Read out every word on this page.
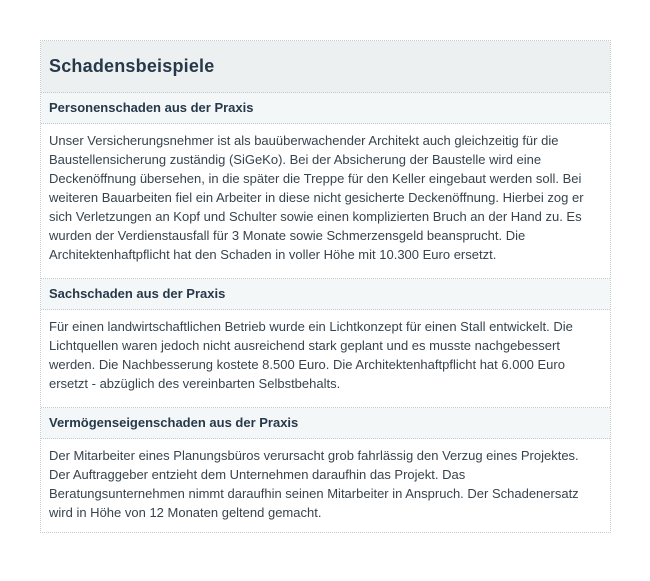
Schadensbeispiele
Personenschaden aus der Praxis
Unser Versicherungsnehmer ist als bauüberwachender Architekt auch gleichzeitig für die Baustellensicherung zuständig (SiGeKo). Bei der Absicherung der Baustelle wird eine Deckenöffnung übersehen, in die später die Treppe für den Keller eingebaut werden soll. Bei weiteren Bauarbeiten fiel ein Arbeiter in diese nicht gesicherte Deckenöffnung. Hierbei zog er sich Verletzungen an Kopf und Schulter sowie einen komplizierten Bruch an der Hand zu. Es wurden der Verdienstausfall für 3 Monate sowie Schmerzensgeld beansprucht. Die Architektenhaftpflicht hat den Schaden in voller Höhe mit 10.300 Euro ersetzt.
Sachschaden aus der Praxis
Für einen landwirtschaftlichen Betrieb wurde ein Lichtkonzept für einen Stall entwickelt. Die Lichtquellen waren jedoch nicht ausreichend stark geplant und es musste nachgebessert werden. Die Nachbesserung kostete 8.500 Euro. Die Architektenhaftpflicht hat 6.000 Euro ersetzt - abzüglich des vereinbarten Selbstbehalts.
Vermögenseigenschaden aus der Praxis
Der Mitarbeiter eines Planungsbüros verursacht grob fahrlässig den Verzug eines Projektes. Der Auftraggeber entzieht dem Unternehmen daraufhin das Projekt. Das Beratungsunternehmen nimmt daraufhin seinen Mitarbeiter in Anspruch. Der Schadenersatz wird in Höhe von 12 Monaten geltend gemacht.
